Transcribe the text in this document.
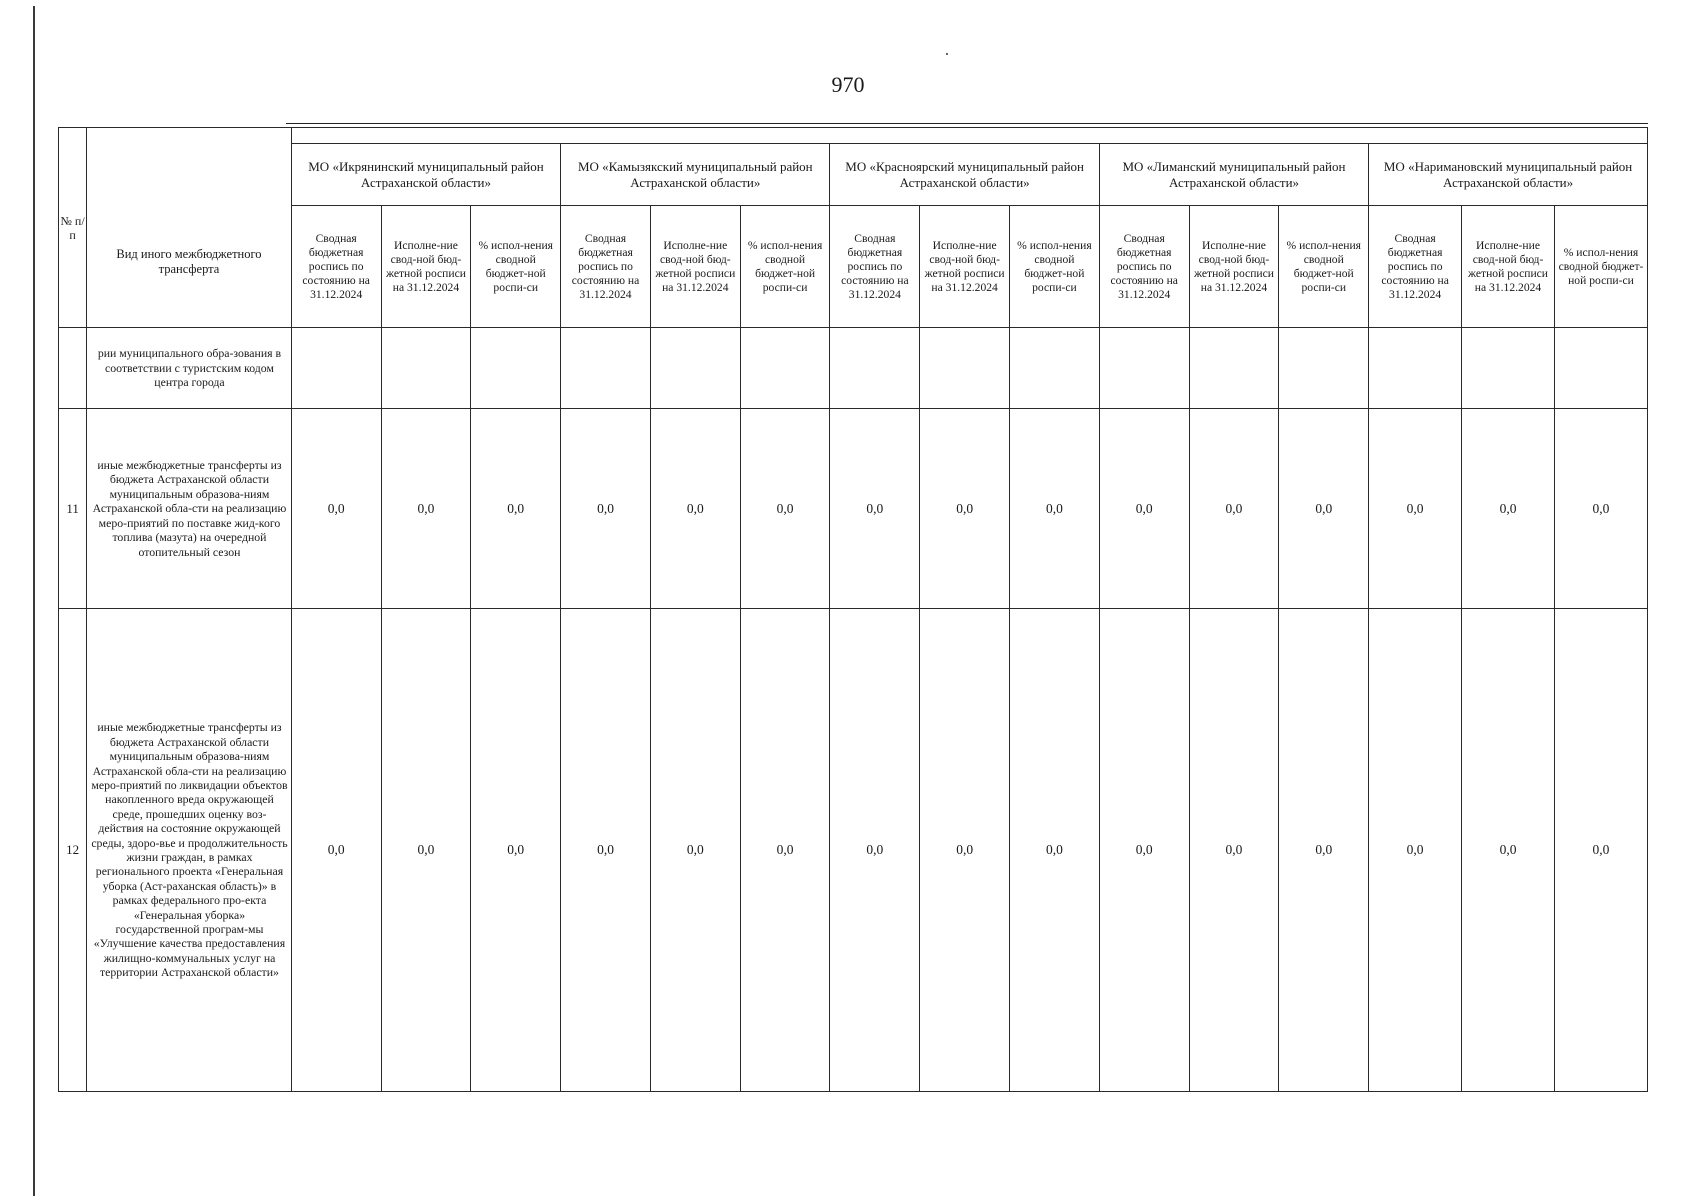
970
№ п/п	Вид иного межбюджетного трансферта															
		МО «Икрянинский муниципальный район Астраханской области»			МО «Камызякский муниципальный район Астраханской области»			МО «Красноярский муниципальный район Астраханской области»			МО «Лиманский муниципальный район Астраханской области»			МО «Наримановский муниципальный район Астраханской области»		
		Сводная бюджетная роспись по состоянию на 31.12.2024	Исполне-ние свод-ной бюд-жетной росписи на 31.12.2024	% испол-нения сводной бюджет-ной роспи-си	Сводная бюджетная роспись по состоянию на 31.12.2024	Исполне-ние свод-ной бюд-жетной росписи на 31.12.2024	% испол-нения сводной бюджет-ной роспи-си	Сводная бюджетная роспись по состоянию на 31.12.2024	Исполне-ние свод-ной бюд-жетной росписи на 31.12.2024	% испол-нения сводной бюджет-ной роспи-си	Сводная бюджетная роспись по состоянию на 31.12.2024	Исполне-ние свод-ной бюд-жетной росписи на 31.12.2024	% испол-нения сводной бюджет-ной роспи-си	Сводная бюджетная роспись по состоянию на 31.12.2024	Исполне-ние свод-ной бюд-жетной росписи на 31.12.2024	% испол-нения сводной бюджет-ной роспи-си
	рии муниципального обра-зования в соответствии с туристским кодом центра города															
11	иные межбюджетные трансферты из бюджета Астраханской области муниципальным образова-ниям Астраханской обла-сти на реализацию меро-приятий по поставке жид-кого топлива (мазута) на очередной отопительный сезон	0,0	0,0	0,0	0,0	0,0	0,0	0,0	0,0	0,0	0,0	0,0	0,0	0,0	0,0	0,0
12	иные межбюджетные трансферты из бюджета Астраханской области муниципальным образова-ниям Астраханской обла-сти на реализацию меро-приятий по ликвидации объектов накопленного вреда окружающей среде, прошедших оценку воз-действия на состояние окружающей среды, здоро-вье и продолжительность жизни граждан, в рамках регионального проекта «Генеральная уборка (Аст-раханская область)» в рамках федерального про-екта «Генеральная уборка» государственной програм-мы «Улучшение качества предоставления жилищно-коммунальных услуг на территории Астраханской области»	0,0	0,0	0,0	0,0	0,0	0,0	0,0	0,0	0,0	0,0	0,0	0,0	0,0	0,0	0,0
